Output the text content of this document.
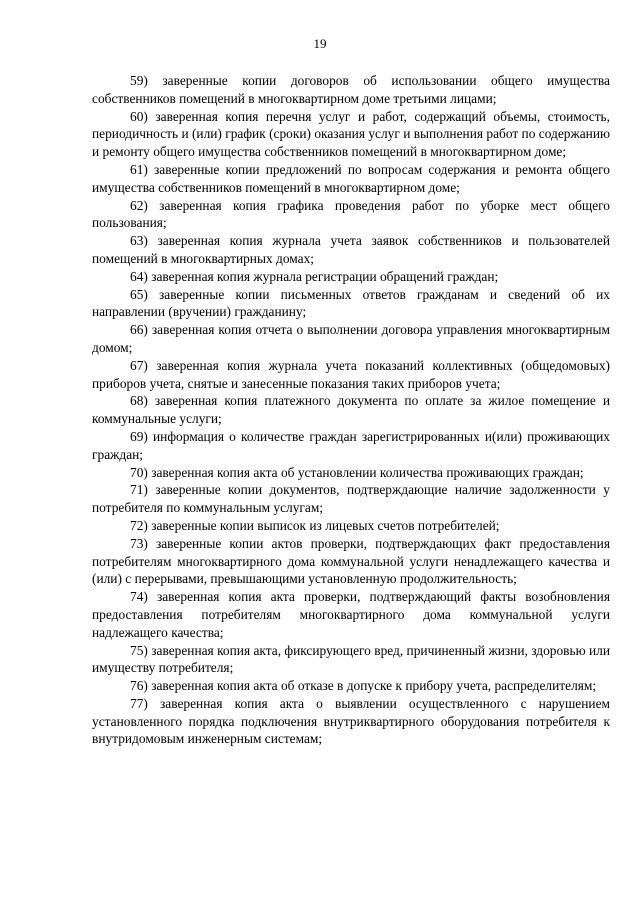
19

59) заверенные копии договоров об использовании общего имущества собственников помещений в многоквартирном доме третьими лицами;

60) заверенная копия перечня услуг и работ, содержащий объемы, стоимость, периодичность и (или) график (сроки) оказания услуг и выполнения работ по содержанию и ремонту общего имущества собственников помещений в многоквартирном доме;

61) заверенные копии предложений по вопросам содержания и ремонта общего имущества собственников помещений в многоквартирном доме;

62) заверенная копия графика проведения работ по уборке мест общего пользования;

63) заверенная копия журнала учета заявок собственников и пользователей помещений в многоквартирных домах;

64) заверенная копия журнала регистрации обращений граждан;

65) заверенные копии письменных ответов гражданам и сведений об их направлении (вручении) гражданину;

66) заверенная копия отчета о выполнении договора управления многоквартирным домом;

67) заверенная копия журнала учета показаний коллективных (общедомовых) приборов учета, снятые и занесенные показания таких приборов учета;

68) заверенная копия платежного документа по оплате за жилое помещение и коммунальные услуги;

69) информация о количестве граждан зарегистрированных и(или) проживающих граждан;

70) заверенная копия акта об установлении количества проживающих граждан;

71) заверенные копии документов, подтверждающие наличие задолженности у потребителя по коммунальным услугам;

72) заверенные копии выписок из лицевых счетов потребителей;

73) заверенные копии актов проверки, подтверждающих факт предоставления потребителям многоквартирного дома коммунальной услуги ненадлежащего качества и (или) с перерывами, превышающими установленную продолжительность;

74) заверенная копия акта проверки, подтверждающий факты возобновления предоставления потребителям многоквартирного дома коммунальной услуги надлежащего качества;

75) заверенная копия акта, фиксирующего вред, причиненный жизни, здоровью или имуществу потребителя;

76) заверенная копия акта об отказе в допуске к прибору учета, распределителям;

77) заверенная копия акта о выявлении осуществленного с нарушением установленного порядка подключения внутриквартирного оборудования потребителя к внутридомовым инженерным системам;
